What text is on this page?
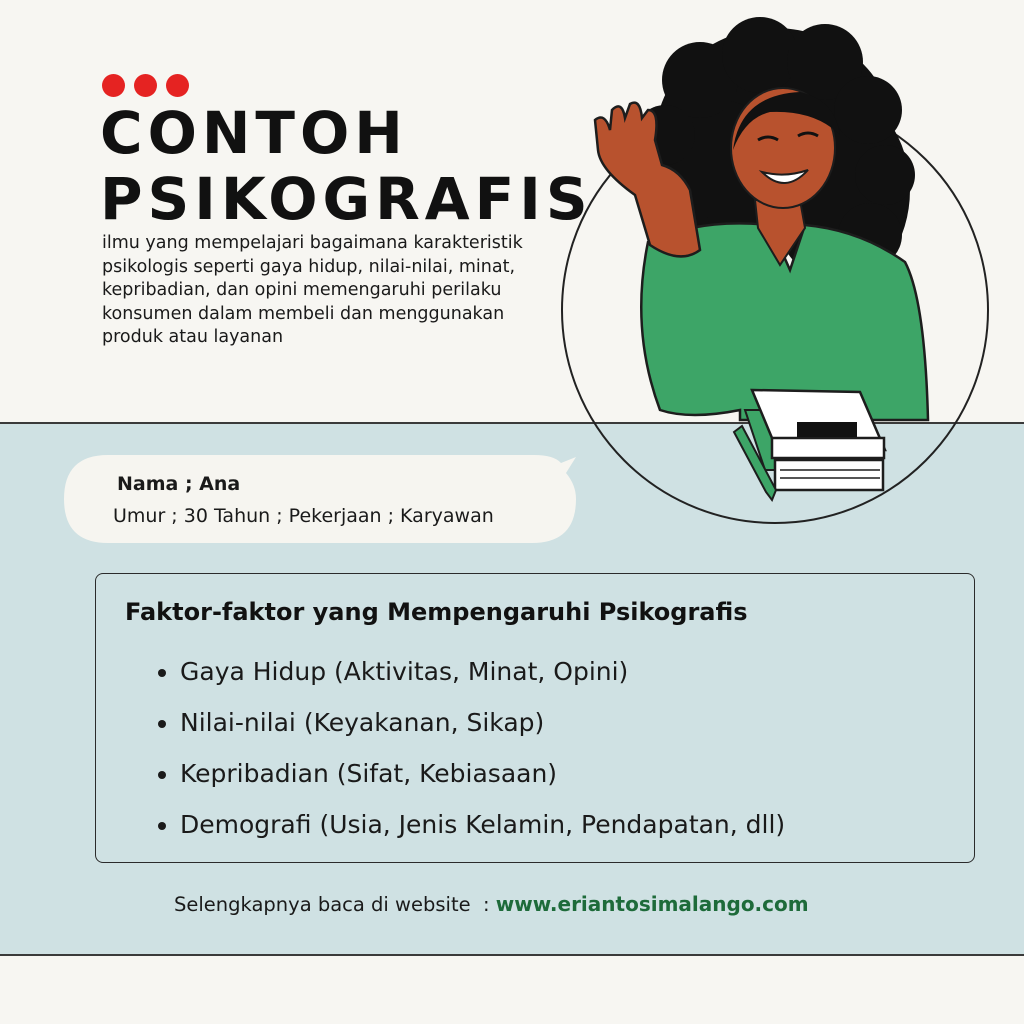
CONTOH
PSIKOGRAFIS

ilmu yang mempelajari bagaimana karakteristik psikologis seperti gaya hidup, nilai-nilai, minat, kepribadian, dan opini memengaruhi perilaku konsumen dalam membeli dan menggunakan produk atau layanan

Nama ; Ana
Umur ; 30 Tahun ; Pekerjaan ; Karyawan
Faktor-faktor yang Mempengaruhi Psikografis
• Gaya Hidup (Aktivitas, Minat, Opini)
• Nilai-nilai (Keyakanan, Sikap)
• Kepribadian (Sifat, Kebiasaan)
• Demografi (Usia, Jenis Kelamin, Pendapatan, dll)
Selengkapnya baca di website  : www.eriantosimalango.com
